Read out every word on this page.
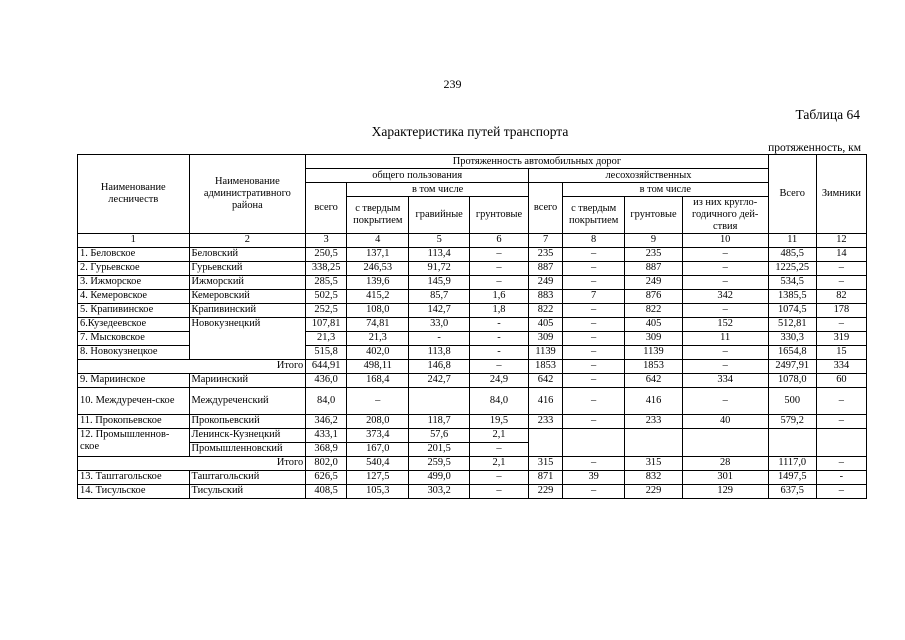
239
Таблица 64
Характеристика путей транспорта
протяженность, км
Наименование лесничеств	Наименование административного района	Протяженность автомобильных дорог								Всего	Зимники
		общего пользования				лесохозяйственных					
		всего	в том числе			всего	в том числе				
			с твердым покрытием	гравийные	грунтовые		с твердым покрытием	грунтовые	из них кругло-годичного дей-ствия		
1	2	3	4	5	6	7	8	9	10	11	12
1. Беловское	Беловский	250,5	137,1	113,4	–	235	–	235	–	485,5	14
2. Гурьевское	Гурьевский	338,25	246,53	91,72	–	887	–	887	–	1225,25	–
3. Ижморское	Ижморский	285,5	139,6	145,9	–	249	–	249	–	534,5	–
4. Кемеровское	Кемеровский	502,5	415,2	85,7	1,6	883	7	876	342	1385,5	82
5. Крапивинское	Крапивинский	252,5	108,0	142,7	1,8	822	–	822	–	1074,5	178
6.Кузедеевское	Новокузнецкий	107,81	74,81	33,0	-	405	–	405	152	512,81	–
7. Мысковское		21,3	21,3	-	-	309	–	309	11	330,3	319
8. Новокузнецкое		515,8	402,0	113,8	-	1139	–	1139	–	1654,8	15
Итого		644,91	498,11	146,8	–	1853	–	1853	–	2497,91	334
9. Мариинское	Мариинский	436,0	168,4	242,7	24,9	642	–	642	334	1078,0	60
10. Междуречен-ское	Междуреченский	84,0	–		84,0	416	–	416	–	500	–
11. Прокопьевское	Прокопьевский	346,2	208,0	118,7	19,5	233	–	233	40	579,2	–
12. Промышленнов-ское	Ленинск-Кузнецкий	433,1	373,4	57,6	2,1						
	Промышленновский	368,9	167,0	201,5	–						
Итого		802,0	540,4	259,5	2,1	315	–	315	28	1117,0	–
13. Таштагольское	Таштагольский	626,5	127,5	499,0	–	871	39	832	301	1497,5	-
14. Тисульское	Тисульский	408,5	105,3	303,2	–	229	–	229	129	637,5	–
